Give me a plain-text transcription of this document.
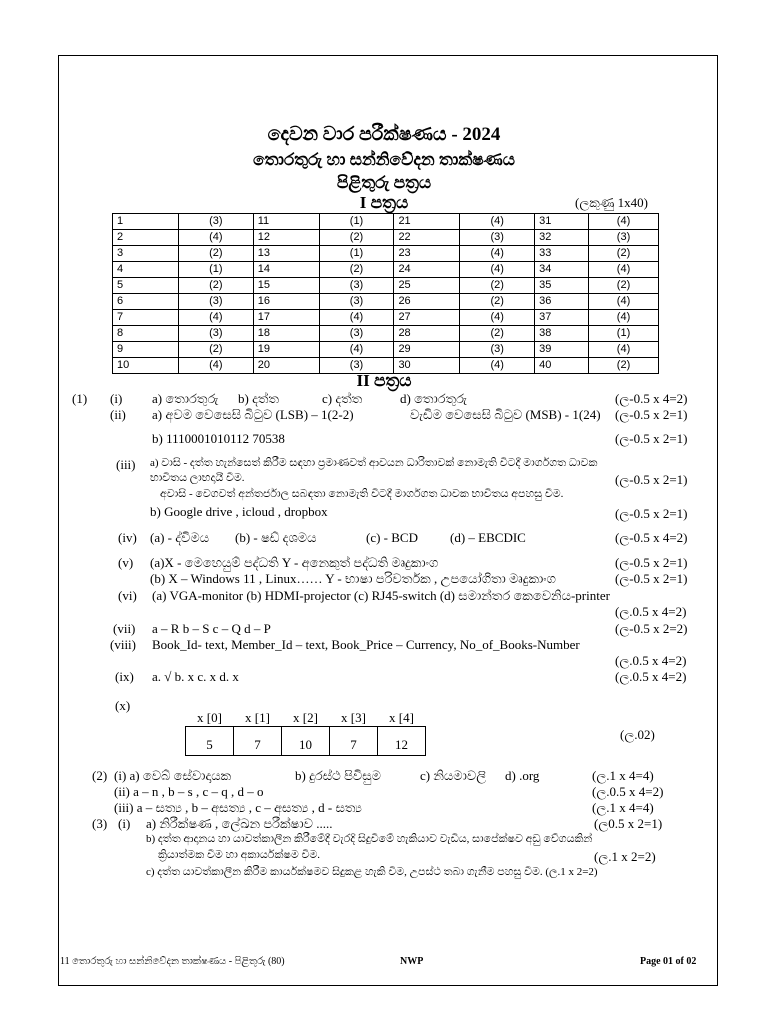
දෙවන වාර පරීක්ෂණය - 2024
තොරතුරු හා සන්නිවේදන තාක්ෂණය
පිළිතුරු පත්‍රය
I පත්‍රය	(ලකුණු 1x40)
1	(3)	11	(1)	21	(4)	31	(4)
2	(4)	12	(2)	22	(3)	32	(3)
3	(2)	13	(1)	23	(4)	33	(2)
4	(1)	14	(2)	24	(4)	34	(4)
5	(2)	15	(3)	25	(2)	35	(2)
6	(3)	16	(3)	26	(2)	36	(4)
7	(4)	17	(4)	27	(4)	37	(4)
8	(3)	18	(3)	28	(2)	38	(1)
9	(2)	19	(4)	29	(3)	39	(4)
10	(4)	20	(3)	30	(4)	40	(2)
II පත්‍රය
(1) (i) a) තොරතුරු b) දත්ත	c) දත්ත	d) තොරතුරු	(ල-0.5 x 4=2)
(ii) a) අවම වෙසෙසි බිටුව (LSB) – 1(2-2)	වැඩිම වෙසෙසි බිටුව (MSB) - 1(24) (ල-0.5 x 2=1)
b) 1110001010112 70538	(ල-0.5 x 2=1)
(iii) a) වාසි - දත්ත හැන්සෙත් කිරීම සඳහා ප්‍රමාණවත් ආවයන ධාරිතාවක් නොමැති විටදී මාර්ගගත ධාවක
භාවිතය ලාභදායී වීම.	(ල-0.5 x 2=1)
අවාසි - වෙගවත් අන්තර්ජාල සබඳතා නොමැති විටදී මාර්ගගත ධාවක භාවිතය අපහසු වීම.
b) Google drive , icloud , dropbox	(ල-0.5 x 2=1)
(iv) (a) - ද්විමය (b) - ෂඩ් දශමය	(c) - BCD (d) – EBCDIC	(ල-0.5 x 4=2)
(v) (a)X - මෙහෙයුම් පද්ධති Y - අනෙකුත් පද්ධති මෘදුකාංග	(ල-0.5 x 2=1)
(b) X – Windows 11 , Linux…… Y - භාෂා පරිවර්තක , උපයෝගිතා මෘදුකාංග	(ල-0.5 x 2=1)
(vi) (a) VGA-monitor (b) HDMI-projector (c) RJ45-switch (d) සමාන්තර කෙවෙනිය-printer
(ල.0.5 x 4=2)
(vii) a – R b – S c – Q d – P	(ල-0.5 x 2=2)
(viii) Book_Id- text, Member_Id – text, Book_Price – Currency, No_of_Books-Number
(ල.0.5 x 4=2)
(ix) a. √ b. x c. x d. x	(ල.0.5 x 4=2)
(x)
x [0]	x [1]	x [2]	x [3]	x [4]
5	7	10	7	12
(ල.02)
(2) (i) a) වෙබ් සේවාදායක	b) දුරස්ථ පිවිසුම	c) නියමාවලි d) .org	(ල.1 x 4=4)
(ii) a – n , b – s , c – q , d – o	(ල.0.5 x 4=2)
(iii) a – සත්‍ය , b – අසත්‍ය , c – අසත්‍ය , d - සත්‍ය	(ල.1 x 4=4)
(3) (i) a) නිරීක්ෂණ , ලේඛන පරීක්ෂාව .....	(ල0.5 x 2=1)
b) දත්ත ආදානය හා යාවත්කාලීන කිරීමේදී වැරදි සිදුවීමේ හැකියාව වැඩිය, සාපේක්ෂව අඩු වේගයකින්
ක්‍රියාත්මක වීම හා අකාර්යක්ෂම වීම.	(ල.1 x 2=2)
c) දත්ත යාවත්කාලීන කිරීම කාර්යක්ෂමව සිදුකළ හැකි වීම, උපස්ථ තබා ගැනීම පහසු වීම. (ල.1 x 2=2)
11 තොරතුරු හා සන්නිවේදන තාක්ෂණය - පිළිතුරු (80)	NWP	Page 01 of 02
